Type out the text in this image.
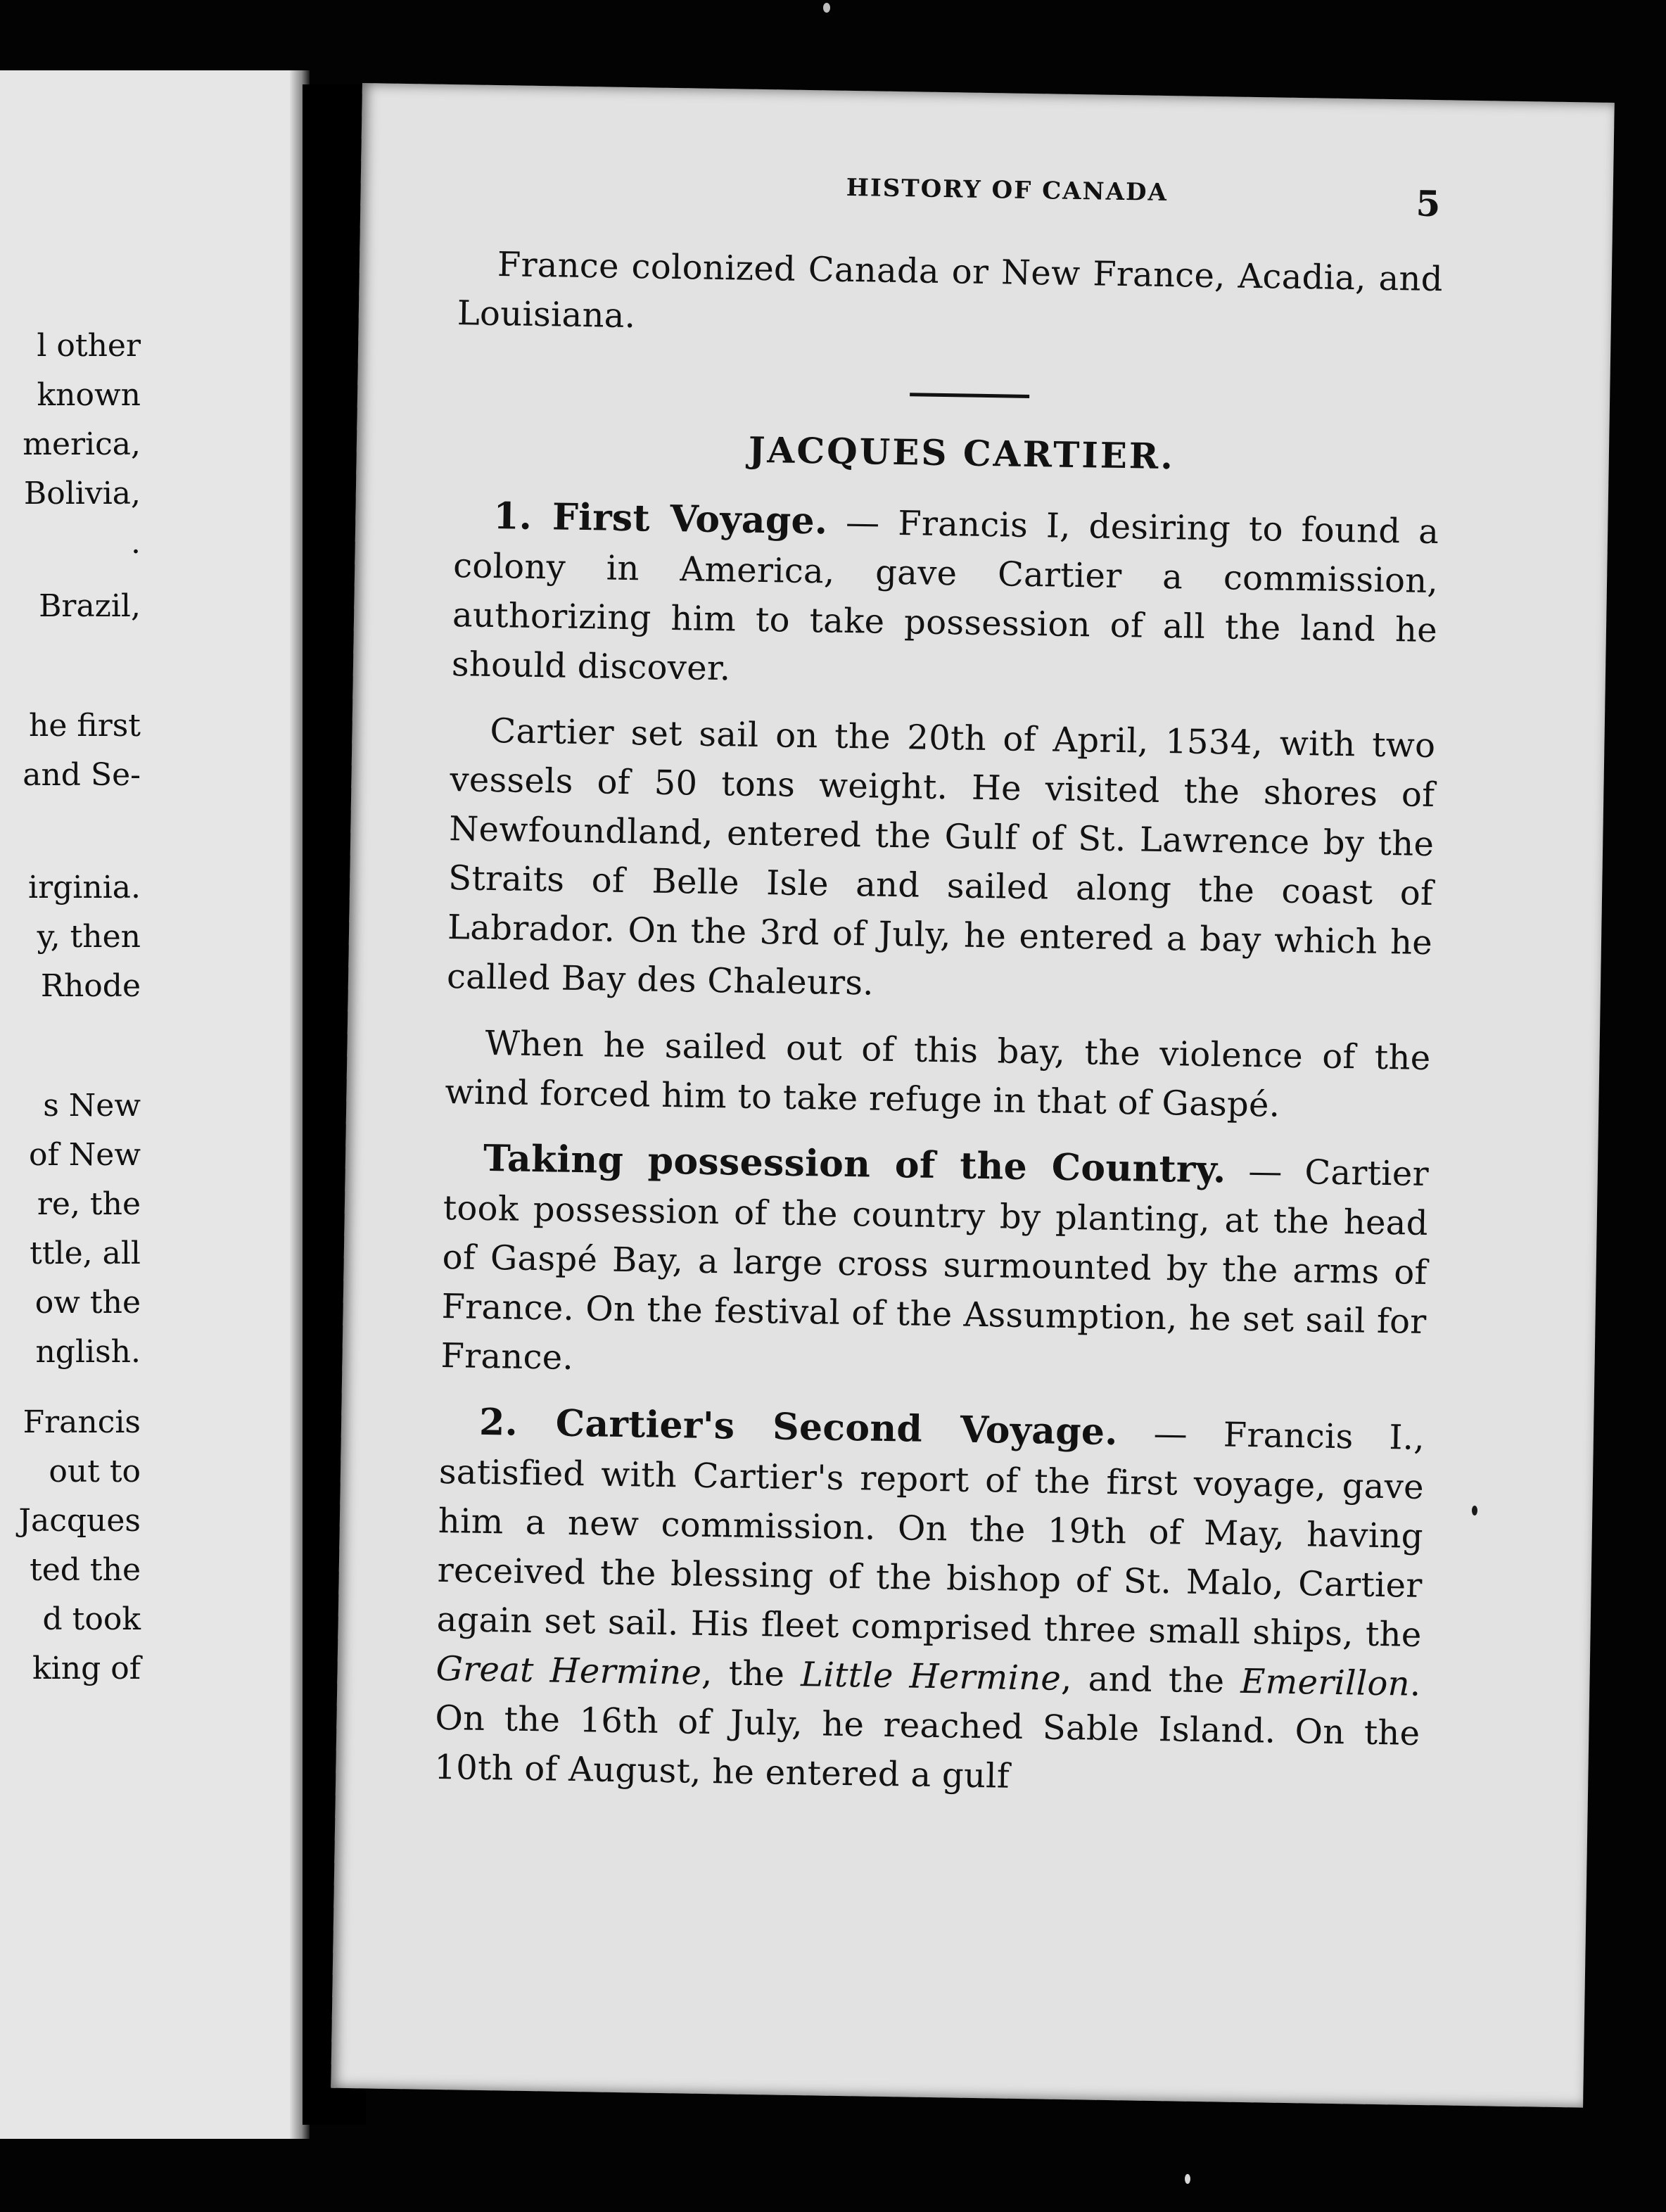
l other
known
merica,
Bolivia,
.
Brazil,
he first
and Se-
irginia.
y, then
Rhode
s New
of New
re, the
ttle, all
ow the
nglish.
Francis
out to
Jacques
ted the
d took
king of
HISTORY OF CANADA	5

France colonized Canada or New France, Acadia, and Louisiana.

JACQUES CARTIER.

1. First Voyage. — Francis I, desiring to found a colony in America, gave Cartier a commission, authorizing him to take possession of all the land he should discover.

Cartier set sail on the 20th of April, 1534, with two vessels of 50 tons weight. He visited the shores of Newfoundland, entered the Gulf of St. Lawrence by the Straits of Belle Isle and sailed along the coast of Labrador. On the 3rd of July, he entered a bay which he called Bay des Chaleurs.

When he sailed out of this bay, the violence of the wind forced him to take refuge in that of Gaspé.

Taking possession of the Country. — Cartier took possession of the country by planting, at the head of Gaspé Bay, a large cross surmounted by the arms of France. On the festival of the Assumption, he set sail for France.

2. Cartier's Second Voyage. — Francis I., satisfied with Cartier's report of the first voyage, gave him a new commission. On the 19th of May, having received the blessing of the bishop of St. Malo, Cartier again set sail. His fleet comprised three small ships, the Great Hermine, the Little Hermine, and the Emerillon. On the 16th of July, he reached Sable Island. On the 10th of August, he entered a gulf
